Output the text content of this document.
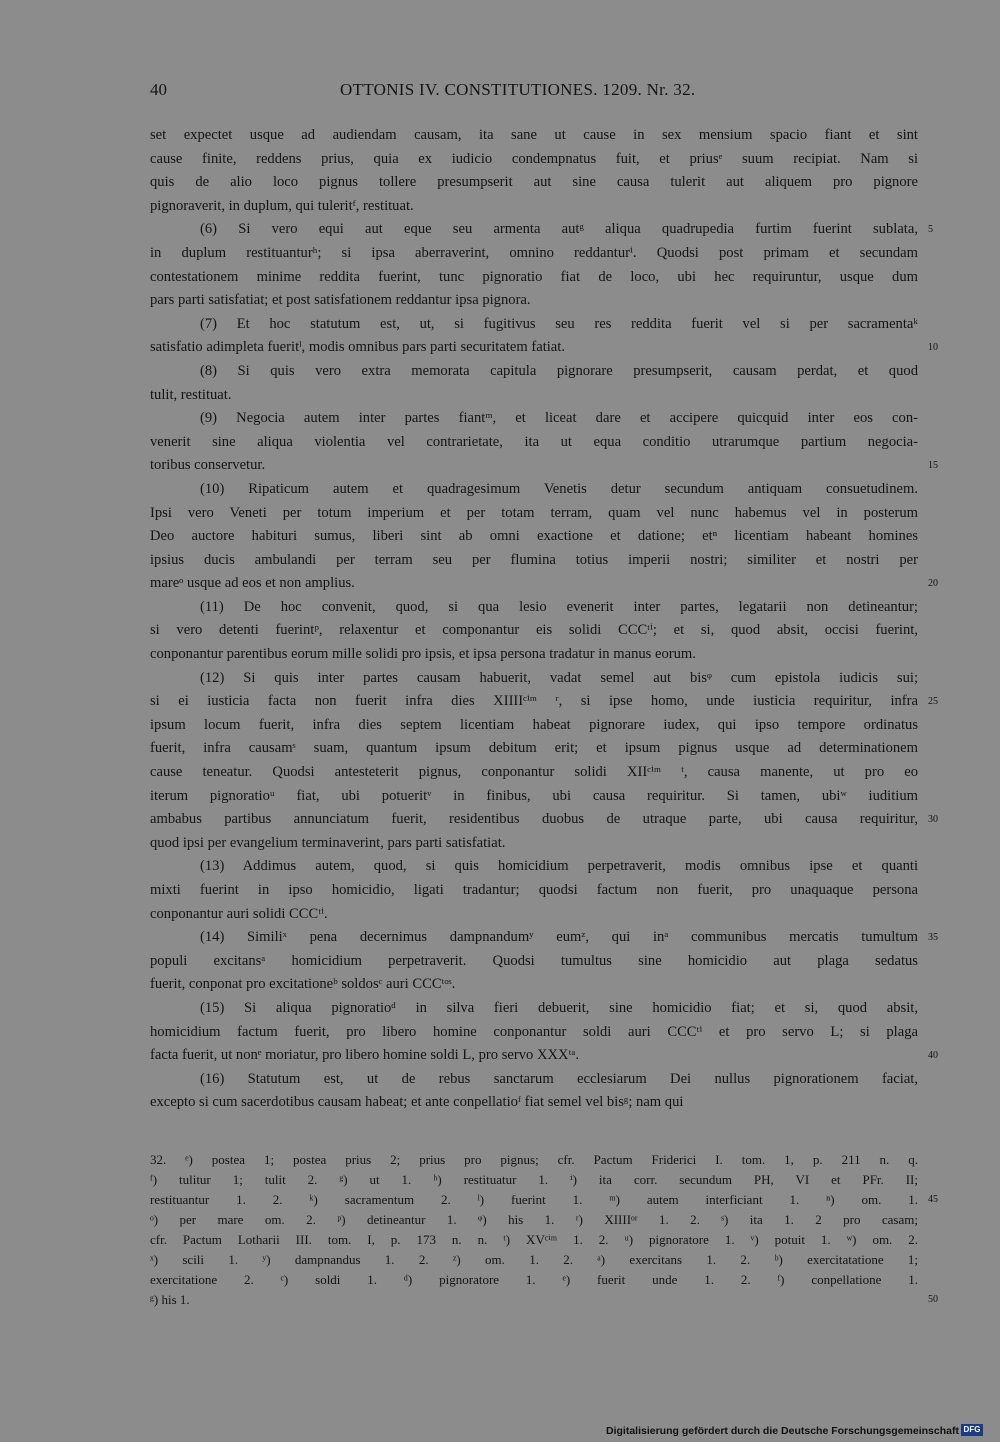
40	OTTONIS IV. CONSTITUTIONES. 1209. Nr. 32.
set expectet usque ad audiendam causam, ita sane ut cause in sex mensium spacio fiant et sint
cause finite, reddens prius, quia ex iudicio condempnatus fuit, et priusᵉ suum recipiat. Nam si
quis de alio loco pignus tollere presumpserit aut sine causa tulerit aut aliquem pro pignore
pignoraverit, in duplum, qui tuleritᶠ, restituat.
(6) Si vero equi aut eque seu armenta autᵍ aliqua quadrupedia furtim fuerint sublata,
in duplum restituanturʰ; si ipsa aberraverint, omnino reddanturⁱ. Quodsi post primam et secundam
contestationem minime reddita fuerint, tunc pignoratio fiat de loco, ubi hec requiruntur, usque dum
pars parti satisfatiat; et post satisfationem reddantur ipsa pignora.
(7) Et hoc statutum est, ut, si fugitivus seu res reddita fuerit vel si per sacramentaᵏ
satisfatio adimpleta fueritˡ, modis omnibus pars parti securitatem fatiat.
(8) Si quis vero extra memorata capitula pignorare presumpserit, causam perdat, et quod
tulit, restituat.
(9) Negocia autem inter partes fiantᵐ, et liceat dare et accipere quicquid inter eos con-
venerit sine aliqua violentia vel contrarietate, ita ut equa conditio utrarumque partium negocia-
toribus conservetur.
(10) Ripaticum autem et quadragesimum Venetis detur secundum antiquam consuetudinem.
Ipsi vero Veneti per totum imperium et per totam terram, quam vel nunc habemus vel in posterum
Deo auctore habituri sumus, liberi sint ab omni exactione et datione; etⁿ licentiam habeant homines
ipsius ducis ambulandi per terram seu per flumina totius imperii nostri; similiter et nostri per
mareᵒ usque ad eos et non amplius.
(11) De hoc convenit, quod, si qua lesio evenerit inter partes, legatarii non detineantur;
si vero detenti fuerintᵖ, relaxentur et componantur eis solidi CCCᵗⁱ; et si, quod absit, occisi fuerint,
conponantur parentibus eorum mille solidi pro ipsis, et ipsa persona tradatur in manus eorum.
(12) Si quis inter partes causam habuerit, vadat semel aut bisᵠ cum epistola iudicis sui;
si ei iusticia facta non fuerit infra dies XIIIIᶜⁱᵐ ʳ, si ipse homo, unde iusticia requiritur, infra
ipsum locum fuerit, infra dies septem licentiam habeat pignorare iudex, qui ipso tempore ordinatus
fuerit, infra causamˢ suam, quantum ipsum debitum erit; et ipsum pignus usque ad determinationem
cause teneatur. Quodsi antesteterit pignus, conponantur solidi XIIᶜⁱᵐ ᵗ, causa manente, ut pro eo
iterum pignoratioᵘ fiat, ubi potueritᵛ in finibus, ubi causa requiritur. Si tamen, ubiʷ iuditium
ambabus partibus annunciatum fuerit, residentibus duobus de utraque parte, ubi causa requiritur,
quod ipsi per evangelium terminaverint, pars parti satisfatiat.
(13) Addimus autem, quod, si quis homicidium perpetraverit, modis omnibus ipse et quanti
mixti fuerint in ipso homicidio, ligati tradantur; quodsi factum non fuerit, pro unaquaque persona
conponantur auri solidi CCCᵗⁱ.
(14) Similiˣ pena decernimus dampnandumʸ eumᶻ, qui inᵃ communibus mercatis tumultum
populi excitansᵃ homicidium perpetraverit. Quodsi tumultus sine homicidio aut plaga sedatus
fuerit, conponat pro excitationeᵇ soldosᶜ auri CCCᵗᵒˢ.
(15) Si aliqua pignoratioᵈ in silva fieri debuerit, sine homicidio fiat; et si, quod absit,
homicidium factum fuerit, pro libero homine conponantur soldi auri CCCᵗⁱ et pro servo L; si plaga
facta fuerit, ut nonᵉ moriatur, pro libero homine soldi L, pro servo XXXᵗᵃ.
(16) Statutum est, ut de rebus sanctarum ecclesiarum Dei nullus pignorationem faciat,
excepto si cum sacerdotibus causam habeat; et ante conpellatioᶠ fiat semel vel bisᵍ; nam qui
32. ᵉ) postea 1; postea prius 2; prius pro pignus; cfr. Pactum Friderici I. tom. 1, p. 211 n. q.
ᶠ) tulitur 1; tulit 2. ᵍ) ut 1. ʰ) restituatur 1. ⁱ) ita corr. secundum PH, VI et PFr. II;
restituantur 1. 2. ᵏ) sacramentum 2. ˡ) fuerint 1. ᵐ) autem interficiant 1. ⁿ) om. 1.
ᵒ) per mare om. 2. ᵖ) detineantur 1. ᵠ) his 1. ʳ) XIIIIᵒʳ 1. 2. ˢ) ita 1. 2 pro casam;
cfr. Pactum Lotharii III. tom. I, p. 173 n. n. ᵗ) XVᶜⁱᵐ 1. 2. ᵘ) pignoratore 1. ᵛ) potuit 1. ʷ) om. 2.
ˣ) scili 1. ʸ) dampnandus 1. 2. ᶻ) om. 1. 2. ᵃ) exercitans 1. 2. ᵇ) exercitatatione 1;
exercitatione 2. ᶜ) soldi 1. ᵈ) pignoratore 1. ᵉ) fuerit unde 1. 2. ᶠ) conpellatione 1.
ᵍ) his 1.
Digitalisierung gefördert durch die Deutsche Forschungsgemeinschaft DFG
5
10
15
20
25
30
35
40
45
50
